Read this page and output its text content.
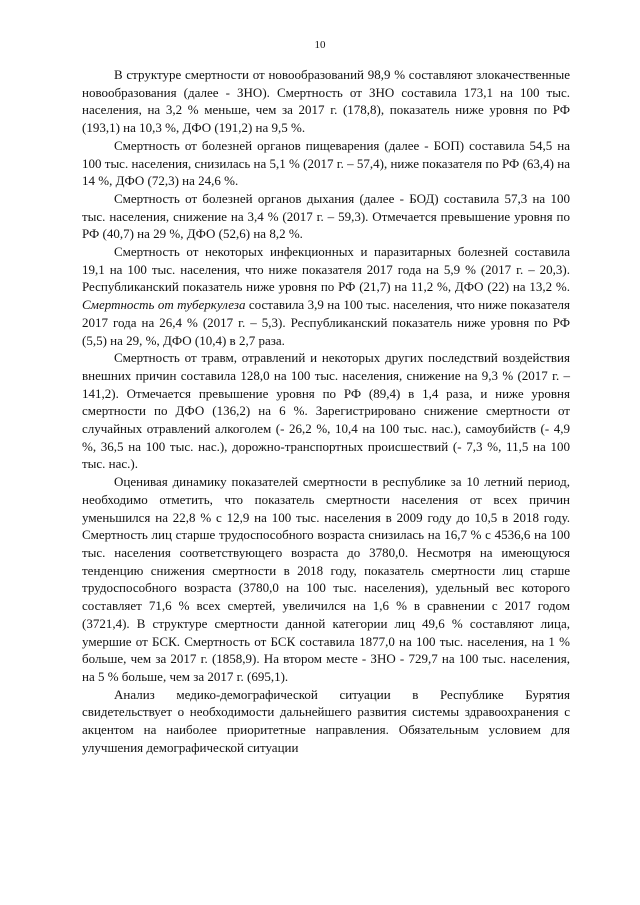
10

В структуре смертности от новообразований 98,9 % составляют злокачественные новообразования (далее - ЗНО). Смертность от ЗНО составила 173,1 на 100 тыс. населения, на 3,2 % меньше, чем за 2017 г. (178,8), показатель ниже уровня по РФ (193,1) на 10,3 %, ДФО (191,2) на 9,5 %.

Смертность от болезней органов пищеварения (далее - БОП) составила 54,5 на 100 тыс. населения, снизилась на 5,1 % (2017 г. – 57,4), ниже показателя по РФ (63,4) на 14 %, ДФО (72,3) на 24,6 %.

Смертность от болезней органов дыхания (далее - БОД) составила 57,3 на 100 тыс. населения, снижение на 3,4 % (2017 г. – 59,3). Отмечается превышение уровня по РФ (40,7) на 29 %, ДФО (52,6) на 8,2 %.

Смертность от некоторых инфекционных и паразитарных болезней составила 19,1 на 100 тыс. населения, что ниже показателя 2017 года на 5,9 % (2017 г. – 20,3). Республиканский показатель ниже уровня по РФ (21,7) на 11,2 %, ДФО (22) на 13,2 %. Смертность от туберкулеза составила 3,9 на 100 тыс. населения, что ниже показателя 2017 года на 26,4 % (2017 г. – 5,3). Республиканский показатель ниже уровня по РФ (5,5) на 29, %, ДФО (10,4) в 2,7 раза.

Смертность от травм, отравлений и некоторых других последствий воздействия внешних причин составила 128,0 на 100 тыс. населения, снижение на 9,3 % (2017 г. – 141,2). Отмечается превышение уровня по РФ (89,4) в 1,4 раза, и ниже уровня смертности по ДФО (136,2) на 6 %. Зарегистрировано снижение смертности от случайных отравлений алкоголем (- 26,2 %, 10,4 на 100 тыс. нас.), самоубийств (- 4,9 %, 36,5 на 100 тыс. нас.), дорожно-транспортных происшествий (- 7,3 %, 11,5 на 100 тыс. нас.).

Оценивая динамику показателей смертности в республике за 10 летний период, необходимо отметить, что показатель смертности населения от всех причин уменьшился на 22,8 % с 12,9 на 100 тыс. населения в 2009 году до 10,5 в 2018 году. Смертность лиц старше трудоспособного возраста снизилась на 16,7 % с 4536,6 на 100 тыс. населения соответствующего возраста до 3780,0. Несмотря на имеющуюся тенденцию снижения смертности в 2018 году, показатель смертности лиц старше трудоспособного возраста (3780,0 на 100 тыс. населения), удельный вес которого составляет 71,6 % всех смертей, увеличился на 1,6 % в сравнении с 2017 годом (3721,4). В структуре смертности данной категории лиц 49,6 % составляют лица, умершие от БСК. Смертность от БСК составила 1877,0 на 100 тыс. населения, на 1 % больше, чем за 2017 г. (1858,9). На втором месте - ЗНО - 729,7 на 100 тыс. населения, на 5 % больше, чем за 2017 г. (695,1).

Анализ медико-демографической ситуации в Республике Бурятия свидетельствует о необходимости дальнейшего развития системы здравоохранения с акцентом на наиболее приоритетные направления. Обязательным условием для улучшения демографической ситуации
